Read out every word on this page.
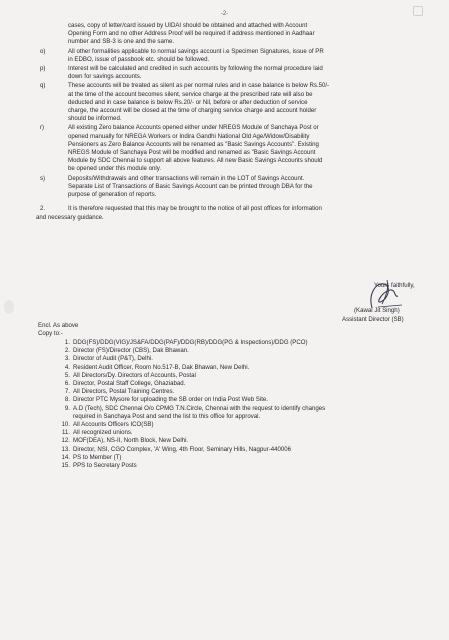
-2-
cases, copy of letter/card issued by UIDAI should be obtained and attached with Account
Opening Form and no other Address Proof will be required if address mentioned in Aadhaar
number and SB-3 is one and the same.
o)	All other formalities applicable to normal savings account i.e Specimen Signatures, issue of PR
in EDBO, issue of passbook etc. should be followed.
p)	Interest will be calculated and credited in such accounts by following the normal procedure laid
down for savings accounts.
q)	These accounts will be treated as silent as per normal rules and in case balance is below Rs.50/-
at the time of the account becomes silent, service charge at the prescribed rate will also be
deducted and in case balance is below Rs.20/- or Nil, before or after deduction of service
charge, the account will be closed at the time of charging service charge and account holder
should be informed.
r)	All existing Zero balance Accounts opened either under NREGS Module of Sanchaya Post or
opened manually for NREGA Workers or Indira Gandhi National Old Age/Widow/Disability
Pensioners as Zero Balance Accounts will be renamed as "Basic Savings Accounts". Existing
NREGS Module of Sanchaya Post will be modified and renamed as "Basic Savings Account
Module by SDC Chennai to support all above features. All new Basic Savings Accounts should
be opened under this module only.
s)	Deposits/Withdrawals and other transactions will remain in the LOT of Savings Account.
Separate List of Transactions of Basic Savings Account can be printed through DBA for the
purpose of generation of reports.
2.	It is therefore requested that this may be brought to the notice of all post offices for information
and necessary guidance.
Yours faithfully,
(Kawal Jit Singh)
Assistant Director (SB)
Encl. As above
Copy to:-
1. DDG(FS)/DDG(VIG)/JS&FA/DDG(PAF)/DDG(RB)/DDG(PG & Inspections)/DDG (PCO)
2. Director (FS)/Director (CBS), Dak Bhawan.
3. Director of Audit (P&T), Delhi.
4. Resident Audit Officer, Room No.517-B, Dak Bhawan, New Delhi.
5. All Directors/Dy. Directors of Accounts, Postal
6. Director, Postal Staff College, Ghaziabad.
7. All Directors, Postal Training Centres.
8. Director PTC Mysore for uploading the SB order on India Post Web Site.
9. A.D (Tech), SDC Chennai O/o CPMG T.N.Circle, Chennai with the request to identify changes
required in Sanchaya Post and send the list to this office for approval.
10. All Accounts Officers ICO(SB)
11. All recognized unions.
12. MOF(DEA), NS-II, North Block, New Delhi.
13. Director, NSI, CGO Complex, 'A' Wing, 4th Floor, Seminary Hills, Nagpur-440006
14. PS to Member (T)
15. PPS to Secretary Posts
